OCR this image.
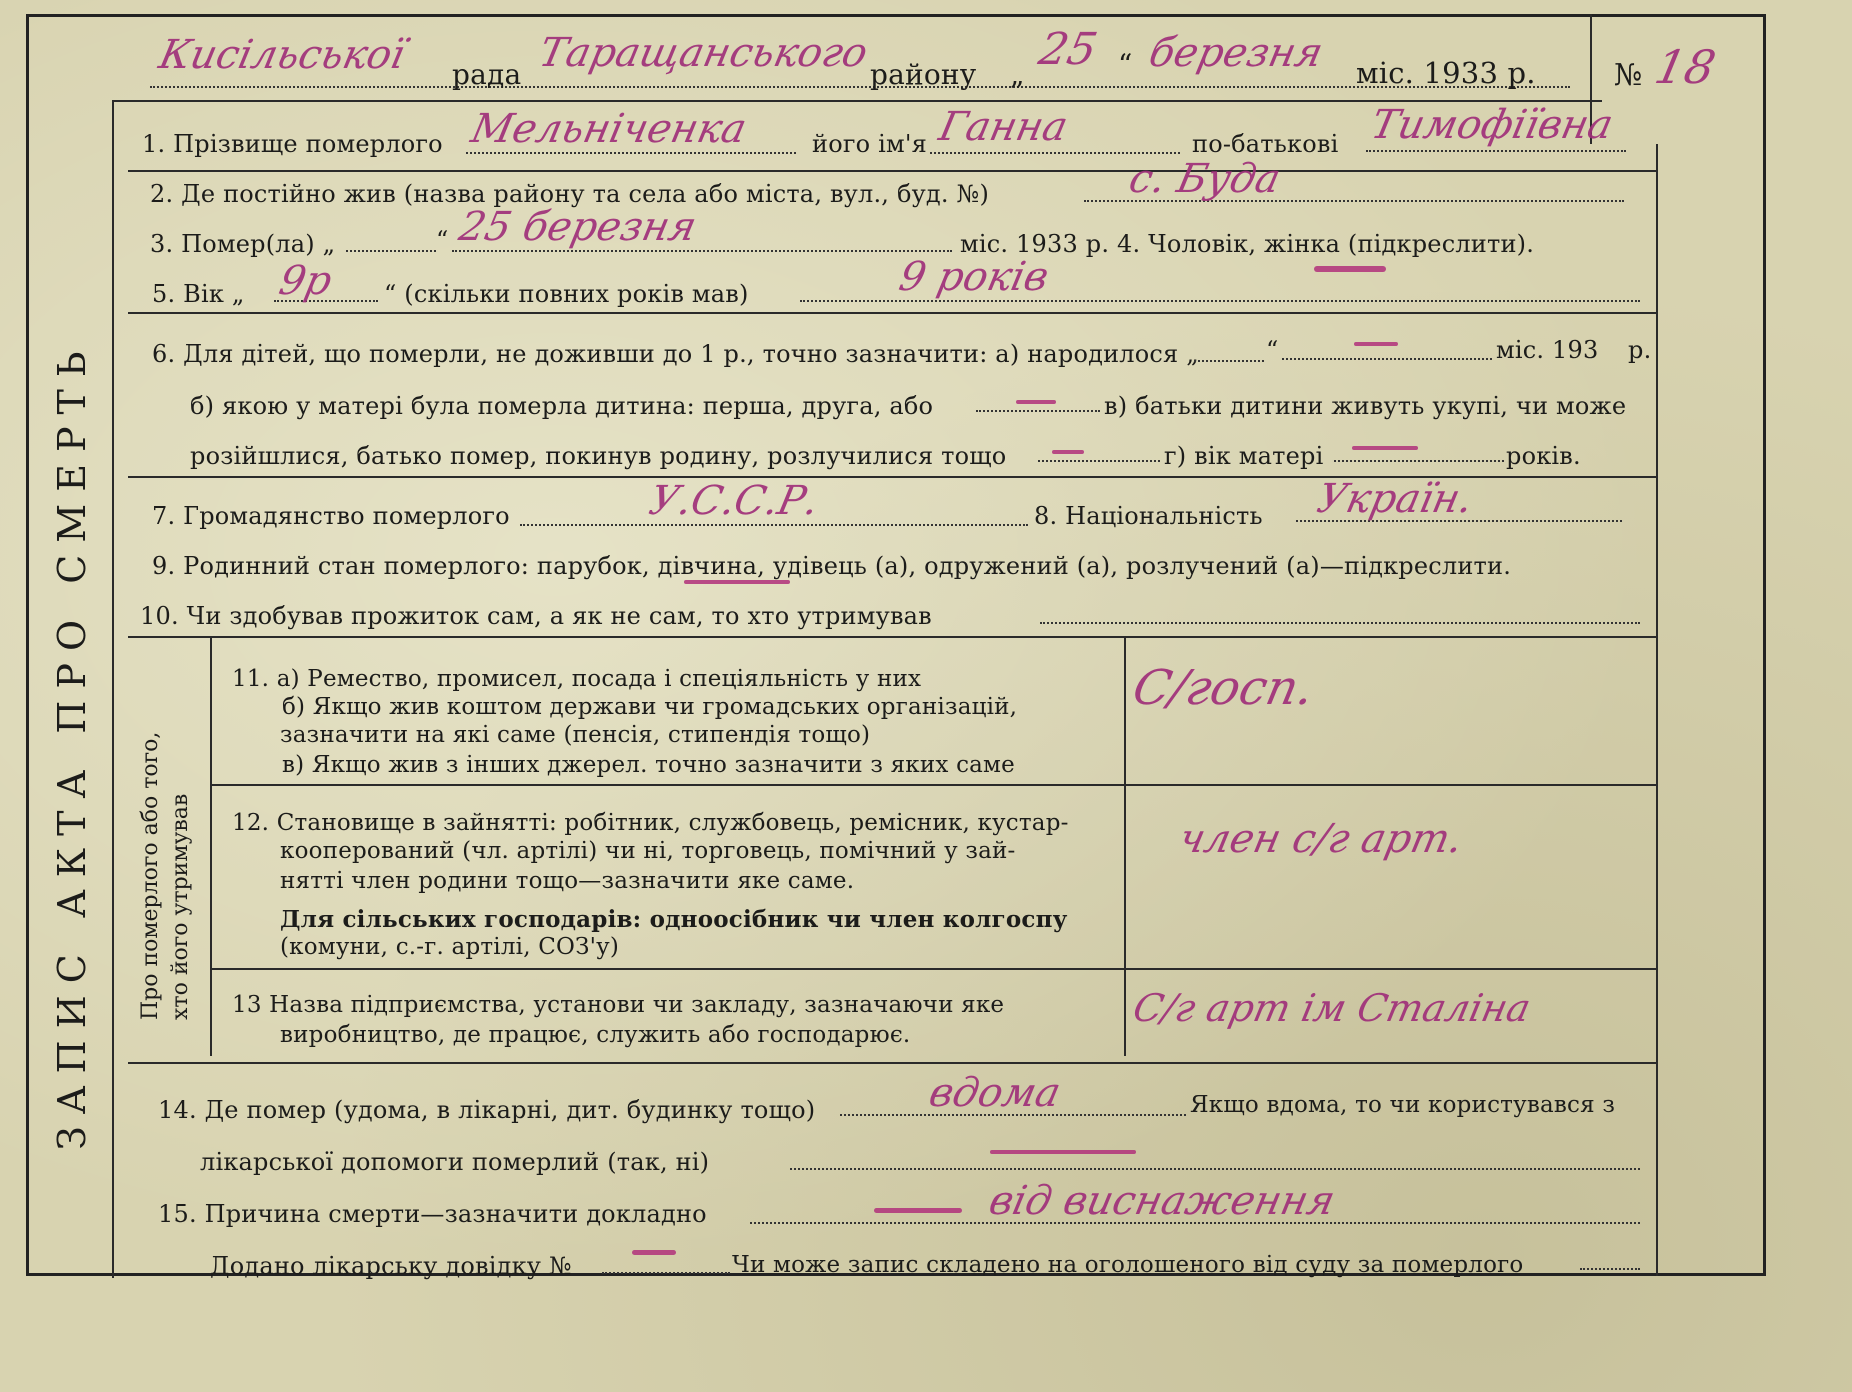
Кисільської рада Таращанського
району „ 25 “ березня міс. 1933 р.	№ 18
ЗАПИС АКТА ПРО СМЕРТЬ
1. Прізвище померлого Мельніченка	його ім'я Ганна	по-батькові Тимофіївна
2. Де постійно жив (назва району та села або міста, вул., буд. №)	с. Буда
3. Помер(ла) „	“ 25 березня	міс. 1933 р. 4. Чоловік, жінка (підкреслити).
5. Вік „ 9р “ (скільки повних років мав)	9 років
6. Для дітей, що померли, не доживши до 1 р., точно зазначити: а) народилося „	“	міс. 193 р.
б) якою у матері була померла дитина: перша, друга, або	в) батьки дитини живуть укупі, чи може
розійшлися, батько помер, покинув родину, розлучилися тощо	г) вік матері	років.
7. Громадянство померлого	У.С.С.Р.	8. Національність Україн.
9. Родинний стан померлого: парубок, дівчина, удівець (а), одружений (а), розлучений (а)—підкреслити.
10. Чи здобував прожиток сам, а як не сам, то хто утримував
Про померлого або того, хто його утримував
11. а) Ремество, промисел, посада і спеціяльність у них
б) Якщо жив коштом держави чи громадських організацій,
зазначити на які саме (пенсія, стипендія тощо)
в) Якщо жив з інших джерел. точно зазначити з яких саме
С/госп.
12. Становище в зайнятті: робітник, службовець, ремісник, кустар-
кооперований (чл. артілі) чи ні, торговець, помічний у зай-
нятті член родини тощо—зазначити яке саме.
Для сільських господарів: одноосібник чи член колгоспу
(комуни, с.-г. артілі, СОЗ'у)
член с/г арт.
13 Назва підприємства, установи чи закладу, зазначаючи яке
виробництво, де працює, служить або господарює.
С/г арт ім Сталіна
14. Де помер (удома, в лікарні, дит. будинку тощо)	вдома	Якщо вдома, то чи користувався з
лікарської допомоги померлий (так, ні)
15. Причина смерти—зазначити докладно	від виснаження
Додано лікарську довідку №	Чи може запис складено на оголошеного від суду за померлого
